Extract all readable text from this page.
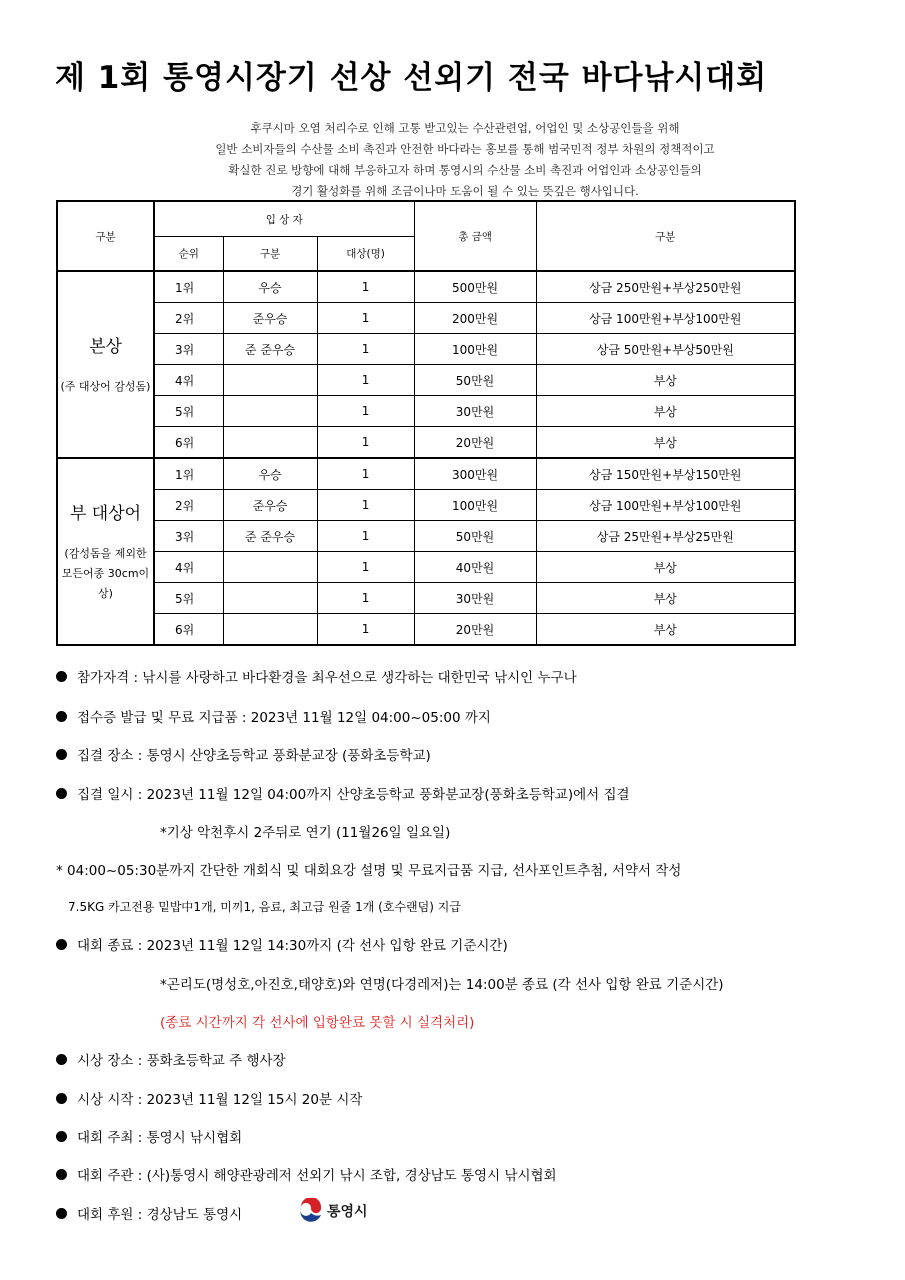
제 1회 통영시장기 선상 선외기 전국 바다낚시대회
후쿠시마 오염 처리수로 인해 고통 받고있는 수산관련업, 어업인 및 소상공인들을 위해
일반 소비자들의 수산물 소비 촉진과 안전한 바다라는 홍보를 통해 범국민적 정부 차원의 정책적이고
확실한 진로 방향에 대해 부응하고자 하며 통영시의 수산물 소비 촉진과 어업인과 소상공인들의
경기 활성화를 위해 조금이나마 도움이 될 수 있는 뜻깊은 행사입니다.
구분	입 상 자			총 금액	구분
	순위	구분	대상(명)		

본상
(주 대상어 감성돔)	1위	우승	1	500만원	상금 250만원+부상250만원
	2위	준우승	1	200만원	상금 100만원+부상100만원
	3위	준 준우승	1	100만원	상금 50만원+부상50만원
	4위		1	50만원	부상
	5위		1	30만원	부상
	6위		1	20만원	부상

부 대상어
(감성돔을 제외한 모든어종 30cm이상)	1위	우승	1	300만원	상금 150만원+부상150만원
	2위	준우승	1	100만원	상금 100만원+부상100만원
	3위	준 준우승	1	50만원	상금 25만원+부상25만원
	4위		1	40만원	부상
	5위		1	30만원	부상
	6위		1	20만원	부상
참가자격 : 낚시를 사랑하고 바다환경을 최우선으로 생각하는 대한민국 낚시인 누구나
접수증 발급 및 무료 지급품 : 2023년 11월 12일 04:00~05:00 까지
집결 장소 : 통영시 산양초등학교 풍화분교장 (풍화초등학교)
집결 일시 : 2023년 11월 12일 04:00까지 산양초등학교 풍화분교장(풍화초등학교)에서 집결
*기상 악천후시 2주뒤로 연기 (11월26일 일요일)
* 04:00~05:30분까지 간단한 개회식 및 대회요강 설명 및 무료지급품 지급, 선사포인트추첨, 서약서 작성
7.5KG 카고전용 밑밥中1개, 미끼1, 음료, 최고급 원줄 1개 (호수랜덤) 지급
대회 종료 : 2023년 11월 12일 14:30까지 (각 선사 입항 완료 기준시간)
*곤리도(명성호,아진호,태양호)와 연명(다경레저)는 14:00분 종료 (각 선사 입항 완료 기준시간)
(종료 시간까지 각 선사에 입항완료 못할 시 실격처리)
시상 장소 : 풍화초등학교 주 행사장
시상 시작 : 2023년 11월 12일 15시 20분 시작
대회 주최 : 통영시 낚시협회
대회 주관 : (사)통영시 해양관광레저 선외기 낚시 조합, 경상남도 통영시 낚시협회
대회 후원 : 경상남도 통영시	통영시
